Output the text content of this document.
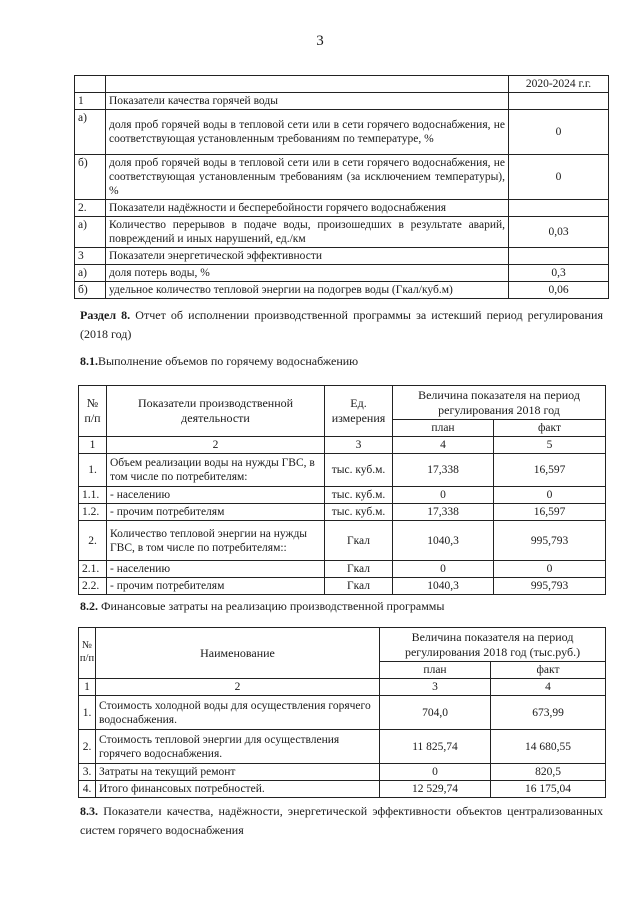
3
		2020-2024 г.г.
1	Показатели качества горячей воды	
а)	доля проб горячей воды в тепловой сети или в сети горячего водоснабжения, не соответствующая установленным требованиям по температуре, %	0
б)	доля проб горячей воды в тепловой сети или в сети горячего водоснабжения, не соответствующая установленным требованиям (за исключением температуры), %	0
2.	Показатели надёжности и бесперебойности горячего водоснабжения	
а)	Количество перерывов в подаче воды, произошедших в результате аварий, повреждений и иных нарушений, ед./км	0,03
3	Показатели энергетической эффективности	
а)	доля потерь воды, %	0,3
б)	удельное количество тепловой энергии на подогрев воды (Гкал/куб.м)	0,06
Раздел 8. Отчет об исполнении производственной программы за истекший период регулирования (2018 год)
8.1.Выполнение объемов по горячему водоснабжению
№ п/п	Показатели производственной деятельности	Ед. измерения	Величина показателя на период регулирования 2018 год	
			план	факт
1	2	3	4	5
1.	Объем реализации воды на нужды ГВС, в том числе по потребителям:	тыс. куб.м.	17,338	16,597
1.1.	- населению	тыс. куб.м.	0	0
1.2.	- прочим потребителям	тыс. куб.м.	17,338	16,597
2.	Количество тепловой энергии на нужды ГВС, в том числе по потребителям::	Гкал	1040,3	995,793
2.1.	- населению	Гкал	0	0
2.2.	- прочим потребителям	Гкал	1040,3	995,793
8.2. Финансовые затраты на реализацию производственной программы
№ п/п	Наименование	Величина показателя на период регулирования 2018 год (тыс.руб.)	
		план	факт
1	2	3	4
1.	Стоимость холодной воды для осуществления горячего водоснабжения.	704,0	673,99
2.	Стоимость тепловой энергии для осуществления горячего водоснабжения.	11 825,74	14 680,55
3.	Затраты на текущий ремонт	0	820,5
4.	Итого финансовых потребностей.	12 529,74	16 175,04
8.3. Показатели качества, надёжности, энергетической эффективности объектов централизованных систем горячего водоснабжения
